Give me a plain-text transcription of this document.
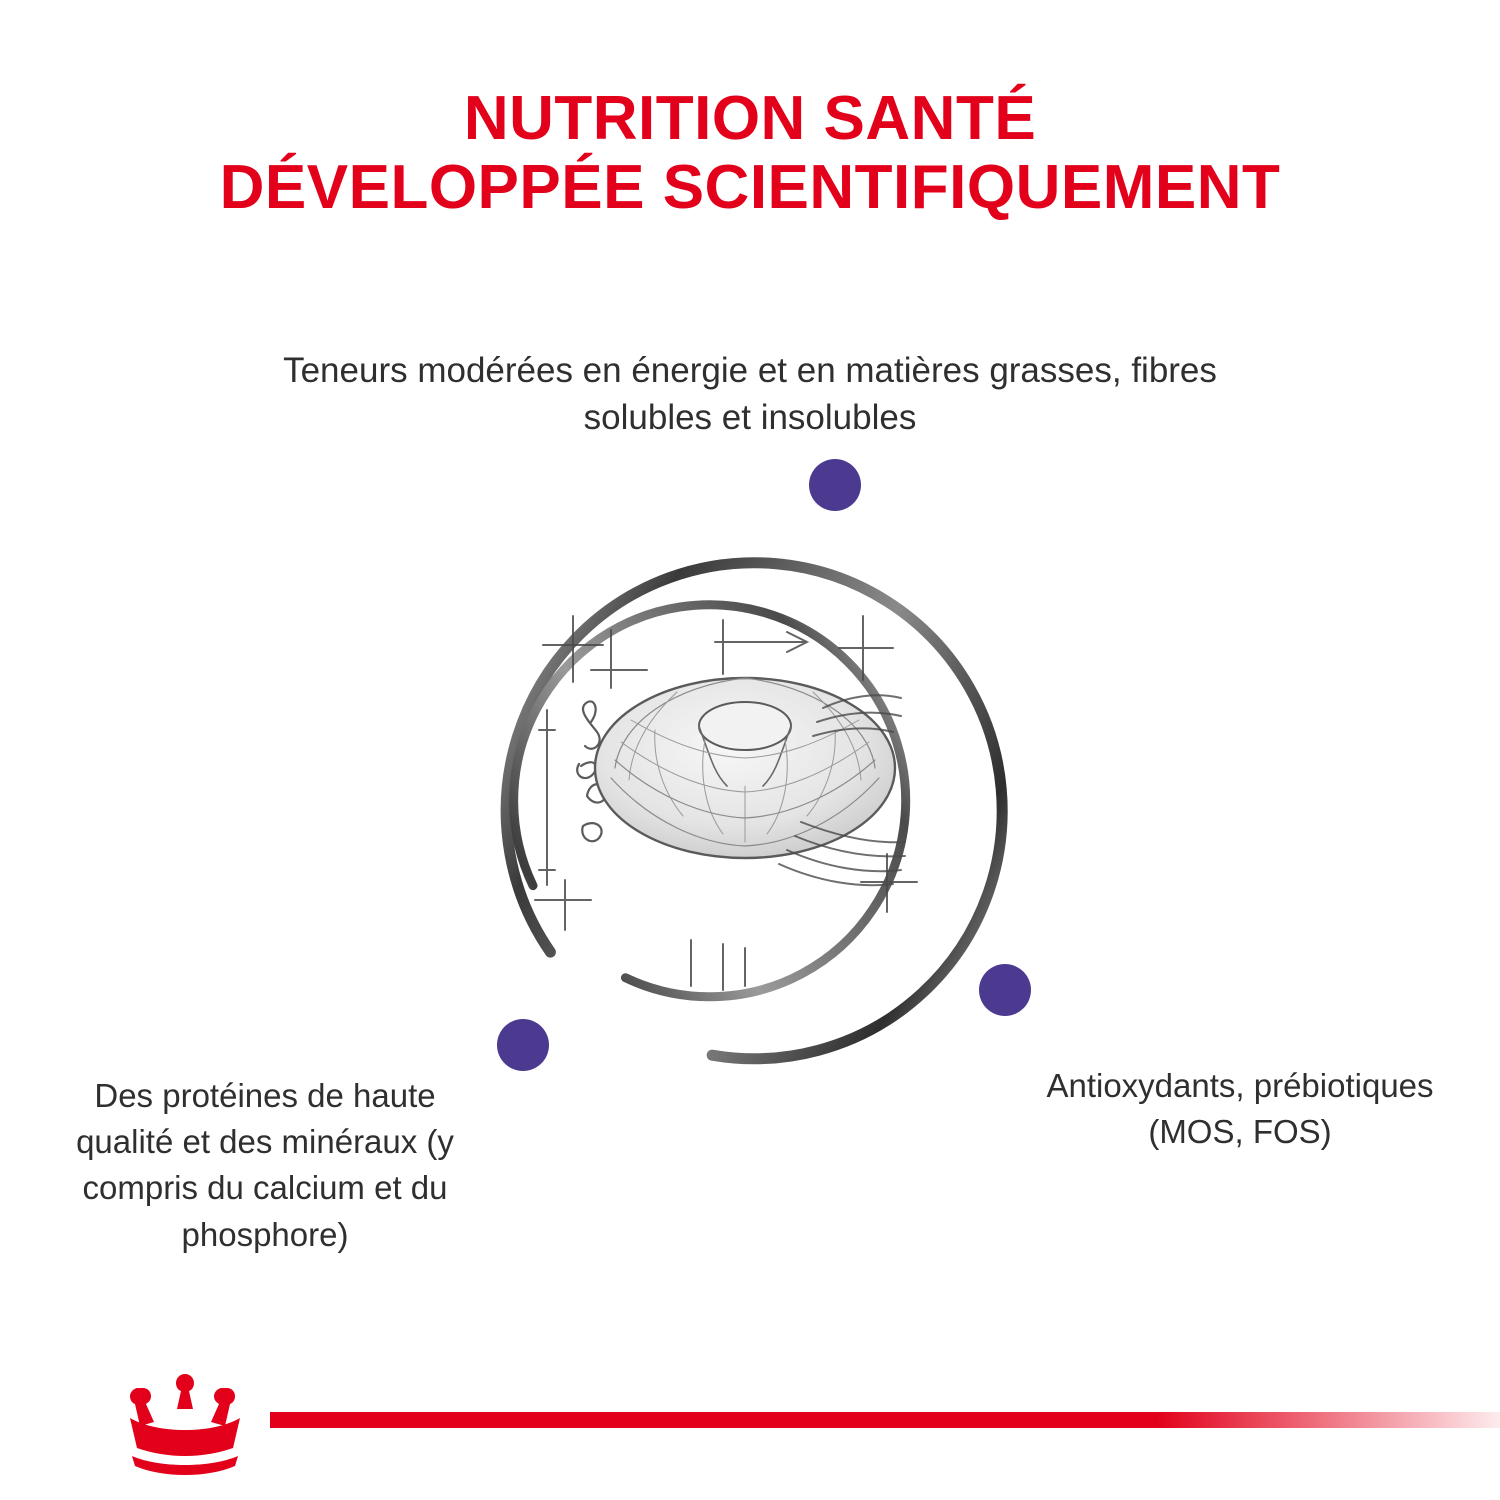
NUTRITION SANTÉ
DÉVELOPPÉE SCIENTIFIQUEMENT

Teneurs modérées en énergie et en matières grasses, fibres solubles et insolubles

Des protéines de haute qualité et des minéraux (y compris du calcium et du phosphore)

Antioxydants, prébiotiques (MOS, FOS)
